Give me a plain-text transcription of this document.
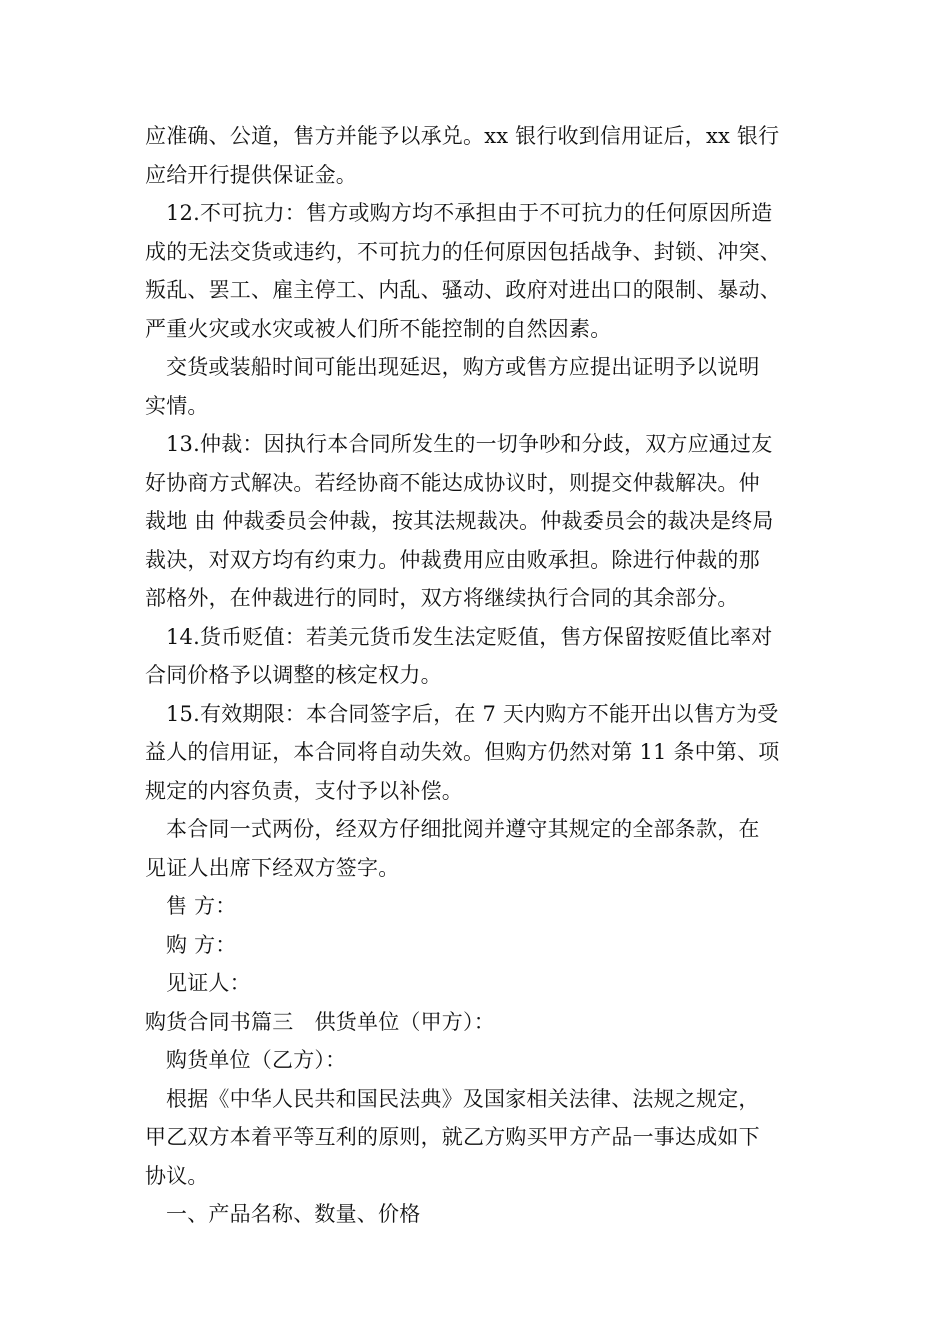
应准确、公道，售方并能予以承兑。xx 银行收到信用证后，xx 银行
应给开行提供保证金。
12.不可抗力：售方或购方均不承担由于不可抗力的任何原因所造
成的无法交货或违约，不可抗力的任何原因包括战争、封锁、冲突、
叛乱、罢工、雇主停工、内乱、骚动、政府对进出口的限制、暴动、
严重火灾或水灾或被人们所不能控制的自然因素。
交货或装船时间可能出现延迟，购方或售方应提出证明予以说明
实情。
13.仲裁：因执行本合同所发生的一切争吵和分歧，双方应通过友
好协商方式解决。若经协商不能达成协议时，则提交仲裁解决。仲
裁地 由 仲裁委员会仲裁，按其法规裁决。仲裁委员会的裁决是终局
裁决，对双方均有约束力。仲裁费用应由败承担。除进行仲裁的那
部格外，在仲裁进行的同时，双方将继续执行合同的其余部分。
14.货币贬值：若美元货币发生法定贬值，售方保留按贬值比率对
合同价格予以调整的核定权力。
15.有效期限：本合同签字后，在 7 天内购方不能开出以售方为受
益人的信用证，本合同将自动失效。但购方仍然对第 11 条中第、项
规定的内容负责，支付予以补偿。
本合同一式两份，经双方仔细批阅并遵守其规定的全部条款，在
见证人出席下经双方签字。
售 方：
购 方：
见证人：
购货合同书篇三　供货单位（甲方）：
购货单位（乙方）：
根据《中华人民共和国民法典》及国家相关法律、法规之规定，
甲乙双方本着平等互利的原则，就乙方购买甲方产品一事达成如下
协议。
一、产品名称、数量、价格
